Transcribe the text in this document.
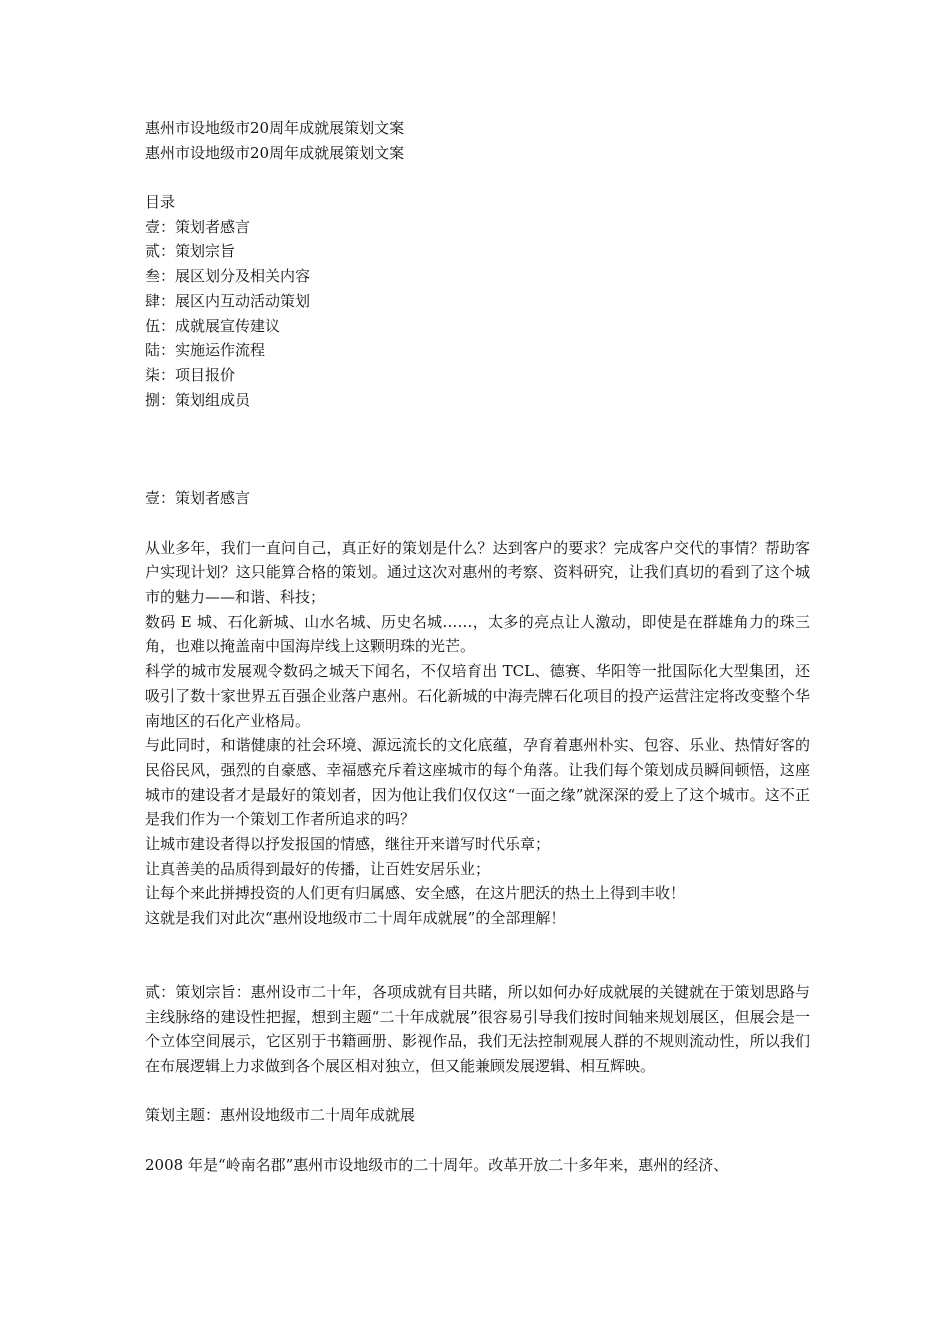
惠州市设地级市20周年成就展策划文案
惠州市设地级市20周年成就展策划文案
目录
壹：策划者感言
贰：策划宗旨
叁：展区划分及相关内容
肆：展区内互动活动策划
伍：成就展宣传建议
陆：实施运作流程
柒：项目报价
捌：策划组成员
壹：策划者感言
从业多年，我们一直问自己，真正好的策划是什么？达到客户的要求？完成客户交代的事情？帮助客户实现计划？这只能算合格的策划。通过这次对惠州的考察、资料研究，让我们真切的看到了这个城市的魅力——和谐、科技；
数码 E 城、石化新城、山水名城、历史名城……，太多的亮点让人激动，即使是在群雄角力的珠三角，也难以掩盖南中国海岸线上这颗明珠的光芒。
科学的城市发展观令数码之城天下闻名，不仅培育出 TCL、德赛、华阳等一批国际化大型集团，还吸引了数十家世界五百强企业落户惠州。石化新城的中海壳牌石化项目的投产运营注定将改变整个华南地区的石化产业格局。
与此同时，和谐健康的社会环境、源远流长的文化底蕴，孕育着惠州朴实、包容、乐业、热情好客的民俗民风，强烈的自豪感、幸福感充斥着这座城市的每个角落。让我们每个策划成员瞬间顿悟，这座城市的建设者才是最好的策划者，因为他让我们仅仅这“一面之缘”就深深的爱上了这个城市。这不正是我们作为一个策划工作者所追求的吗？
让城市建设者得以抒发报国的情感，继往开来谱写时代乐章；
让真善美的品质得到最好的传播，让百姓安居乐业；
让每个来此拼搏投资的人们更有归属感、安全感，在这片肥沃的热土上得到丰收！
这就是我们对此次“惠州设地级市二十周年成就展”的全部理解！
贰：策划宗旨：惠州设市二十年，各项成就有目共睹，所以如何办好成就展的关键就在于策划思路与主线脉络的建设性把握，想到主题“二十年成就展”很容易引导我们按时间轴来规划展区，但展会是一个立体空间展示，它区别于书籍画册、影视作品，我们无法控制观展人群的不规则流动性，所以我们在布展逻辑上力求做到各个展区相对独立，但又能兼顾发展逻辑、相互辉映。
策划主题：惠州设地级市二十周年成就展
2008 年是“岭南名郡”惠州市设地级市的二十周年。改革开放二十多年来，惠州的经济、
